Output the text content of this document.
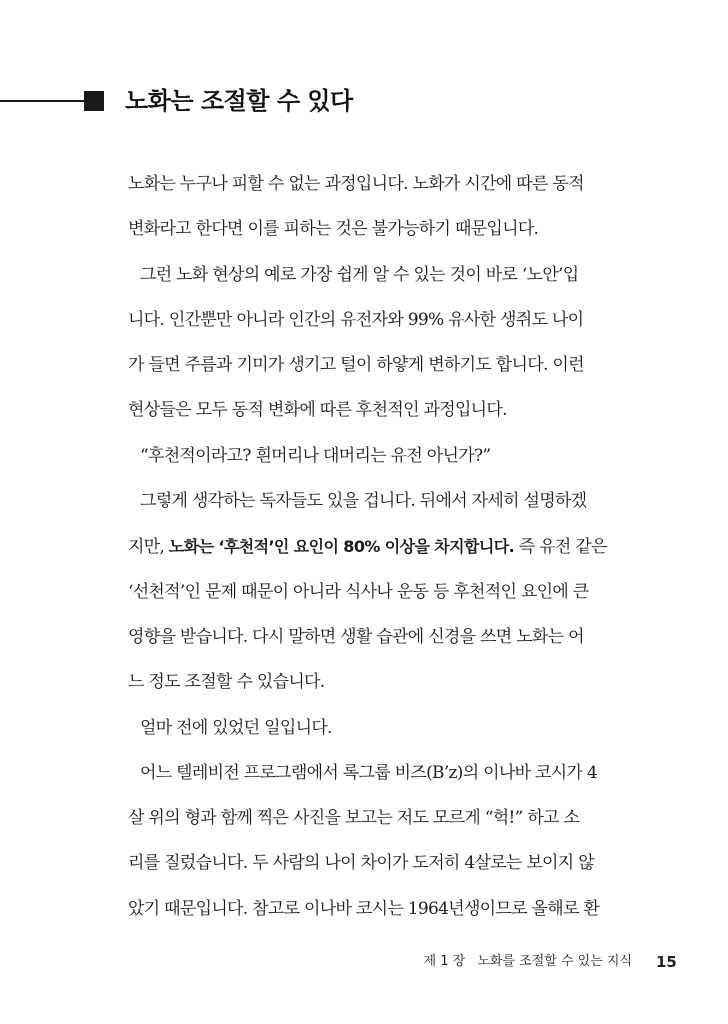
노화는 조절할 수 있다
노화는 누구나 피할 수 없는 과정입니다. 노화가 시간에 따른 동적
변화라고 한다면 이를 피하는 것은 불가능하기 때문입니다.
그런 노화 현상의 예로 가장 쉽게 알 수 있는 것이 바로 ‘노안’입
니다. 인간뿐만 아니라 인간의 유전자와 99% 유사한 생쥐도 나이
가 들면 주름과 기미가 생기고 털이 하얗게 변하기도 합니다. 이런
현상들은 모두 동적 변화에 따른 후천적인 과정입니다.
“후천적이라고? 흰머리나 대머리는 유전 아닌가?”
그렇게 생각하는 독자들도 있을 겁니다. 뒤에서 자세히 설명하겠
지만, 노화는 ‘후천적’인 요인이 80% 이상을 차지합니다. 즉 유전 같은
‘선천적’인 문제 때문이 아니라 식사나 운동 등 후천적인 요인에 큰
영향을 받습니다. 다시 말하면 생활 습관에 신경을 쓰면 노화는 어
느 정도 조절할 수 있습니다.
얼마 전에 있었던 일입니다.
어느 텔레비전 프로그램에서 록그룹 비즈(B’z)의 이나바 코시가 4
살 위의 형과 함께 찍은 사진을 보고는 저도 모르게 “헉!” 하고 소
리를 질렀습니다. 두 사람의 나이 차이가 도저히 4살로는 보이지 않
았기 때문입니다. 참고로 이나바 코시는 1964년생이므로 올해로 환
제 1 장 노화를 조절할 수 있는 지식 15
